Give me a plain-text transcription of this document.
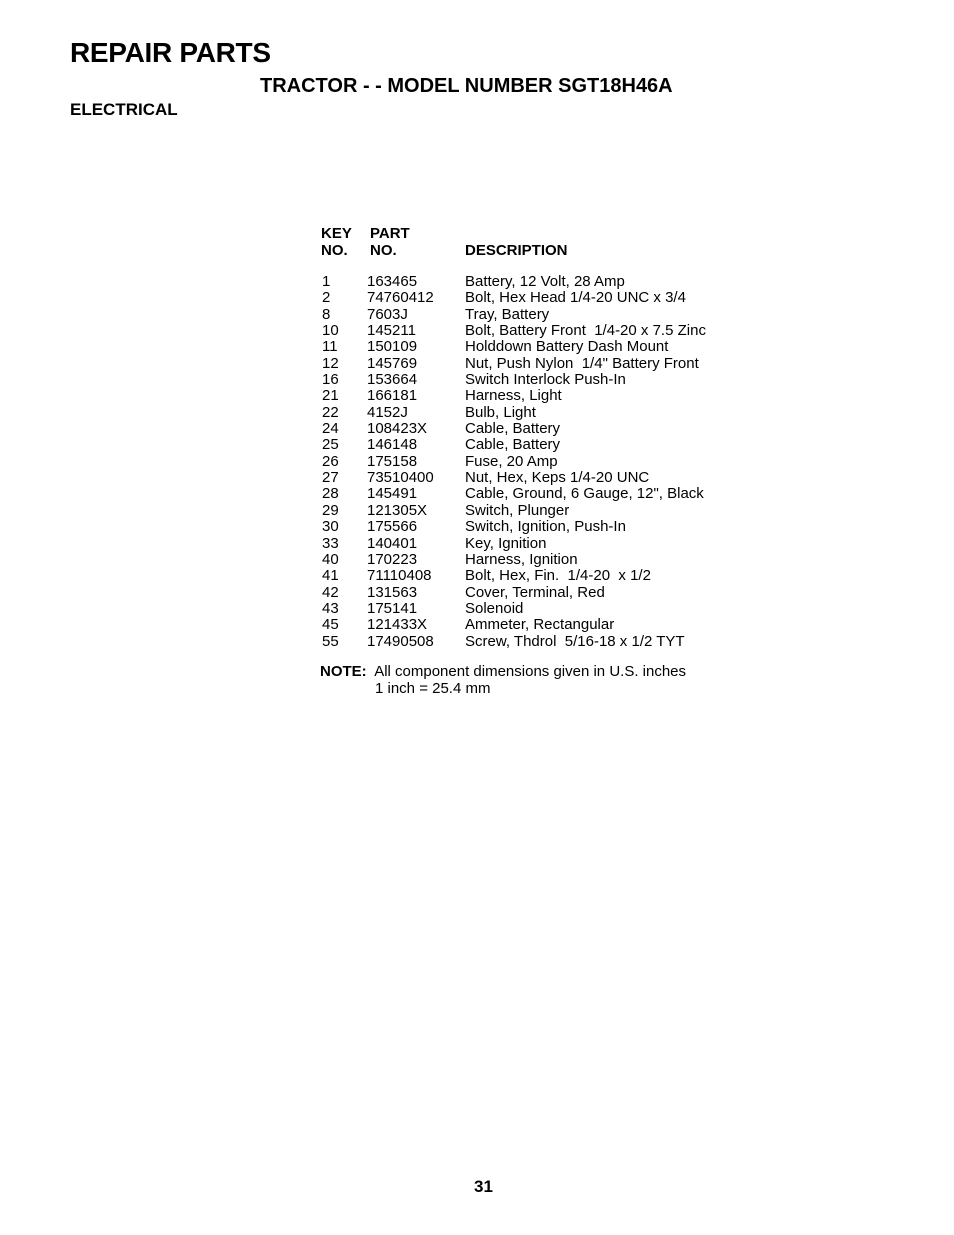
REPAIR PARTS
TRACTOR - - MODEL NUMBER SGT18H46A
ELECTRICAL
KEY
NO.
PART
NO.	DESCRIPTION
1 163465	Battery, 12 Volt, 28 Amp
2 74760412 Bolt, Hex Head 1/4-20 UNC x 3/4
8 7603J	Tray, Battery
10 145211	Bolt, Battery Front  1/4-20 x 7.5 Zinc
11 150109	Holddown Battery Dash Mount
12 145769	Nut, Push Nylon  1/4" Battery Front
16 153664	Switch Interlock Push-In
21 166181	Harness, Light
22 4152J	Bulb, Light
24 108423X	Cable, Battery
25 146148	Cable, Battery
26 175158	Fuse, 20 Amp
27 73510400 Nut, Hex, Keps 1/4-20 UNC
28 145491	Cable, Ground, 6 Gauge, 12", Black
29 121305X	Switch, Plunger
30 175566	Switch, Ignition, Push-In
33 140401	Key, Ignition
40 170223	Harness, Ignition
41 71110408 Bolt, Hex, Fin.  1/4-20  x 1/2
42 131563	Cover, Terminal, Red
43 175141	Solenoid
45 121433X	Ammeter, Rectangular
55 17490508 Screw, Thdrol  5/16-18 x 1/2 TYT
NOTE: All component dimensions given in U.S. inches
1 inch = 25.4 mm
31
